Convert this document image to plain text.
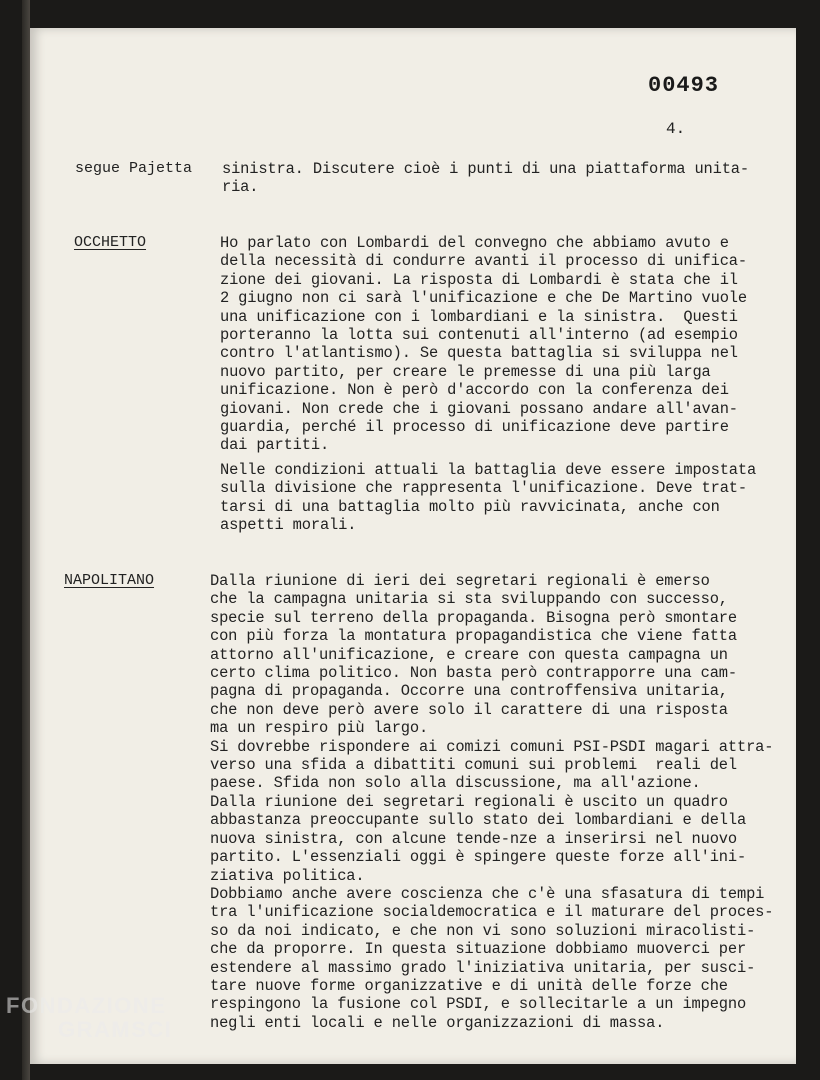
00493
4.
segue Pajetta sinistra. Discutere cioè i punti di una piattaforma unita-
ria.
OCCHETTO	Ho parlato con Lombardi del convegno che abbiamo avuto e
della necessità di condurre avanti il processo di unifica-
zione dei giovani. La risposta di Lombardi è stata che il
2 giugno non ci sarà l'unificazione e che De Martino vuole
una unificazione con i lombardiani e la sinistra.  Questi
porteranno la lotta sui contenuti all'interno (ad esempio
contro l'atlantismo). Se questa battaglia si sviluppa nel
nuovo partito, per creare le premesse di una più larga
unificazione. Non è però d'accordo con la conferenza dei
giovani. Non crede che i giovani possano andare all'avan-
guardia, perché il processo di unificazione deve partire
dai partiti.
Nelle condizioni attuali la battaglia deve essere impostata
sulla divisione che rappresenta l'unificazione. Deve trat-
tarsi di una battaglia molto più ravvicinata, anche con
aspetti morali.
NAPOLITANO	Dalla riunione di ieri dei segretari regionali è emerso
che la campagna unitaria si sta sviluppando con successo,
specie sul terreno della propaganda. Bisogna però smontare
con più forza la montatura propagandistica che viene fatta
attorno all'unificazione, e creare con questa campagna un
certo clima politico. Non basta però contrapporre una cam-
pagna di propaganda. Occorre una controffensiva unitaria,
che non deve però avere solo il carattere di una risposta
ma un respiro più largo.
Si dovrebbe rispondere ai comizi comuni PSI-PSDI magari attra-
verso una sfida a dibattiti comuni sui problemi  reali del
paese. Sfida non solo alla discussione, ma all'azione.
Dalla riunione dei segretari regionali è uscito un quadro
abbastanza preoccupante sullo stato dei lombardiani e della
nuova sinistra, con alcune tende-nze a inserirsi nel nuovo
partito. L'essenziali oggi è spingere queste forze all'ini-
ziativa politica.
Dobbiamo anche avere coscienza che c'è una sfasatura di tempi
tra l'unificazione socialdemocratica e il maturare del proces-
so da noi indicato, e che non vi sono soluzioni miracolisti-
che da proporre. In questa situazione dobbiamo muoverci per
estendere al massimo grado l'iniziativa unitaria, per susci-
tare nuove forme organizzative e di unità delle forze che
respingono la fusione col PSDI, e sollecitarle a un impegno
negli enti locali e nelle organizzazioni di massa.
FONDAZIONE
GRAMSCI
